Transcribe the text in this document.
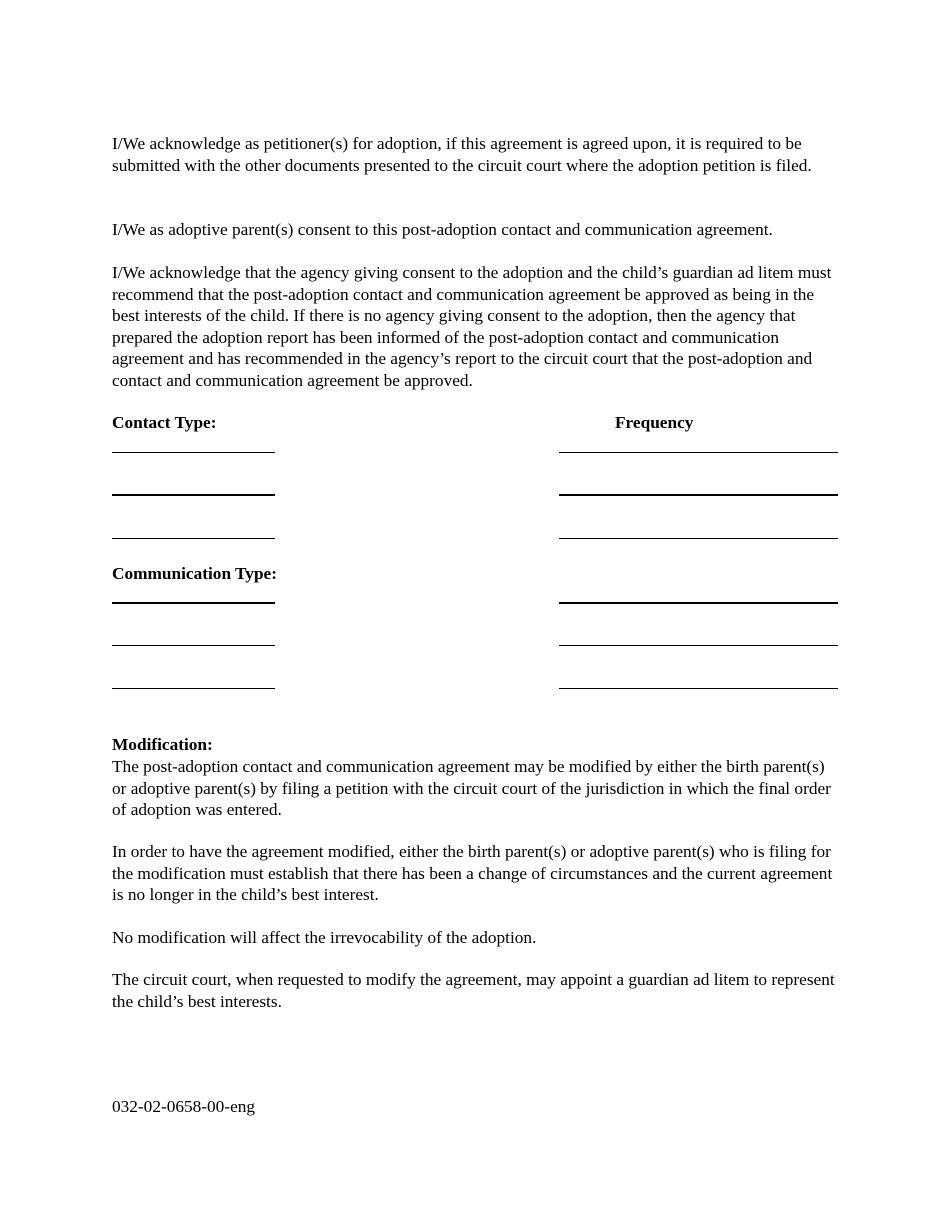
I/We acknowledge as petitioner(s) for adoption, if this agreement is agreed upon, it is required to be submitted with the other documents presented to the circuit court where the adoption petition is filed.

I/We as adoptive parent(s) consent to this post-adoption contact and communication agreement.

I/We acknowledge that the agency giving consent to the adoption and the child’s guardian ad litem must recommend that the post-adoption contact and communication agreement be approved as being in the best interests of the child. If there is no agency giving consent to the adoption, then the agency that prepared the adoption report has been informed of the post-adoption contact and communication agreement and has recommended in the agency’s report to the circuit court that the post-adoption and contact and communication agreement be approved.

Contact Type:	Frequency
Communication Type:
Modification:

The post-adoption contact and communication agreement may be modified by either the birth parent(s) or adoptive parent(s) by filing a petition with the circuit court of the jurisdiction in which the final order of adoption was entered.

In order to have the agreement modified, either the birth parent(s) or adoptive parent(s) who is filing for the modification must establish that there has been a change of circumstances and the current agreement is no longer in the child’s best interest.

No modification will affect the irrevocability of the adoption.

The circuit court, when requested to modify the agreement, may appoint a guardian ad litem to represent the child’s best interests.

032-02-0658-00-eng
